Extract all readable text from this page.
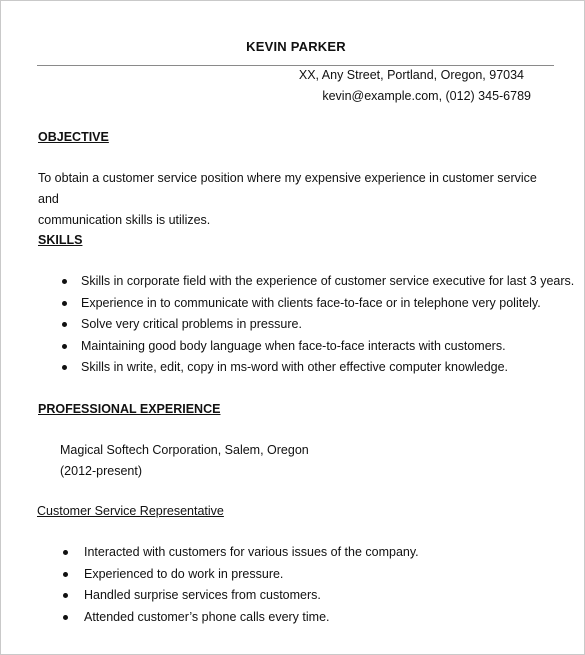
KEVIN PARKER
XX, Any Street, Portland, Oregon, 97034
kevin@example.com, (012) 345-6789
OBJECTIVE
To obtain a customer service position where my expensive experience in customer service and
communication skills is utilizes.
SKILLS
Skills in corporate field with the experience of customer service executive for last 3 years.
Experience in to communicate with clients face-to-face or in telephone very politely.
Solve very critical problems in pressure.
Maintaining good body language when face-to-face interacts with customers.
Skills in write, edit, copy in ms-word with other effective computer knowledge.
PROFESSIONAL EXPERIENCE
Magical Softech Corporation, Salem, Oregon
(2012-present)
Customer Service Representative
Interacted with customers for various issues of the company.
Experienced to do work in pressure.
Handled surprise services from customers.
Attended customer’s phone calls every time.
